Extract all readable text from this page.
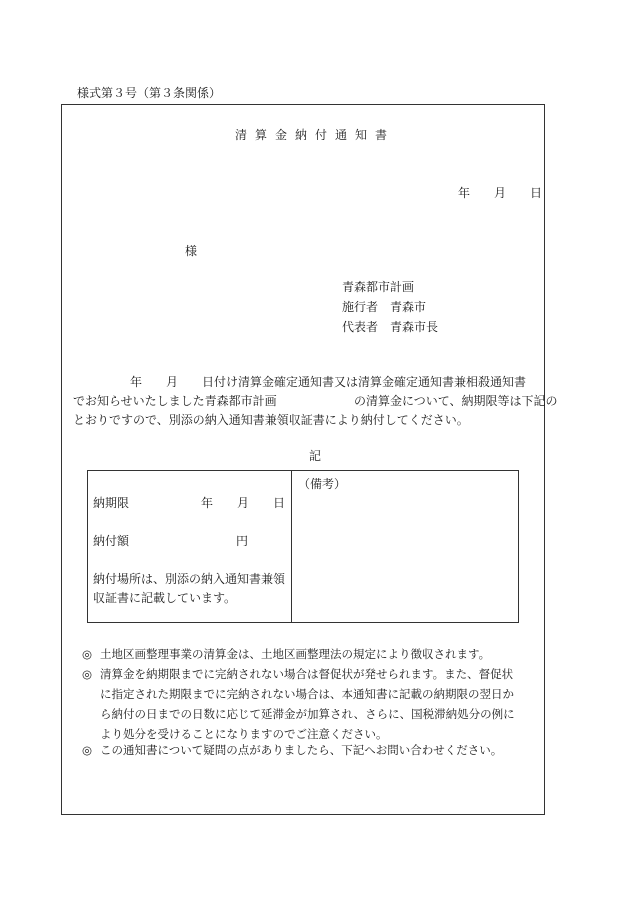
様式第３号（第３条関係）
清算金納付通知書
年 月 日
様
青森都市計画
施行者　青森市
代表者　青森市長
年 月 日付け清算金確定通知書又は清算金確定通知書兼相殺通知書
でお知らせいたしました青森都市計画	の清算金について、納期限等は下記の
とおりですので、別添の納入通知書兼領収証書により納付してください。
記
納期限	年 月 日
納付額	円
納付場所は、別添の納入通知書兼領
収証書に記載しています。
（備考）
◎ 土地区画整理事業の清算金は、土地区画整理法の規定により徴収されます。
◎ 清算金を納期限までに完納されない場合は督促状が発せられます。また、督促状
に指定された期限までに完納されない場合は、本通知書に記載の納期限の翌日か
ら納付の日までの日数に応じて延滞金が加算され、さらに、国税滞納処分の例に
より処分を受けることになりますのでご注意ください。
◎ この通知書について疑問の点がありましたら、下記へお問い合わせください。
